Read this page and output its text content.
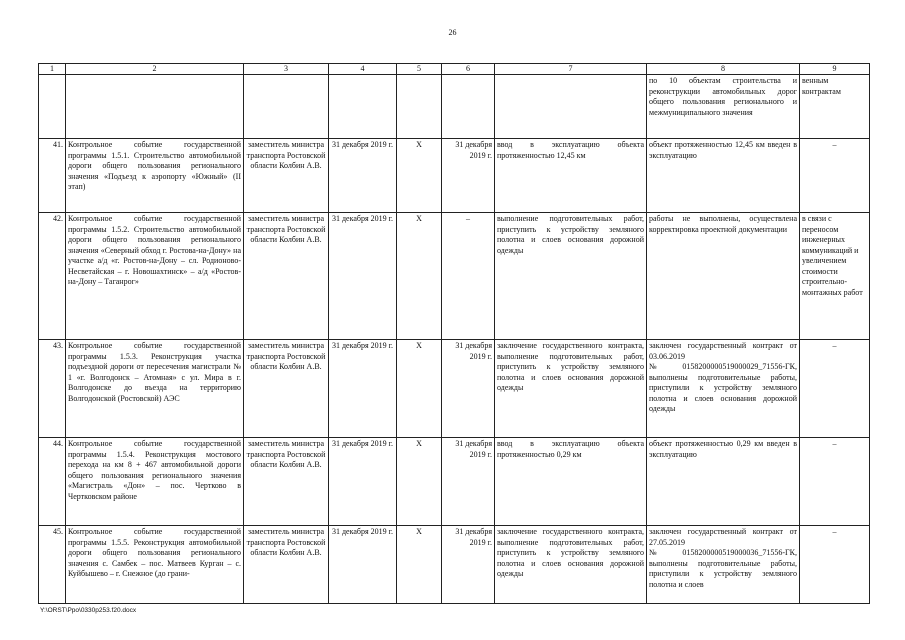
26
1	2	3	4	5	6	7	8	9
							по 10 объектам строительства и реконструкции автомобильных дорог общего пользования регионального и межмуниципального значения	венным контрактам
41.	Контрольное событие государственной программы 1.5.1. Строительство автомобильной дороги общего пользования регионального значения «Подъезд к аэропорту «Южный» (II этап)	заместитель министра транспорта Ростовской области Колбин А.В.	31 декабря 2019 г.	Х	31 декабря 2019 г.	ввод в эксплуатацию объекта протяженностью 12,45 км	объект протяженностью 12,45 км введен в эксплуатацию	–
42.	Контрольное событие государственной программы 1.5.2. Строительство автомобильной дороги общего пользования регионального значения «Северный обход г. Ростова-на-Дону» на участке а/д «г. Ростов-на-Дону – сл. Родионово-Несветайская – г. Новошахтинск» – а/д «Ростов-на-Дону – Таганрог»	заместитель министра транспорта Ростовской области Колбин А.В.	31 декабря 2019 г.	Х	–	выполнение подготовительных работ, приступить к устройству земляного полотна и слоев основания дорожной одежды	работы не выполнены, осуществлена корректировка проектной документации	в связи с переносом инженерных коммуникаций и увеличением стоимости строительно-монтажных работ
43.	Контрольное событие государственной программы 1.5.3. Реконструкция участка подъездной дороги от пересечения магистрали № 1 «г. Волгодонск – Атомная» с ул. Мира в г. Волгодонске до въезда на территорию Волгодонской (Ростовской) АЭС	заместитель министра транспорта Ростовской области Колбин А.В.	31 декабря 2019 г.	Х	31 декабря 2019 г.	заключение государственного контракта, выполнение подготовительных работ, приступить к устройству земляного полотна и слоев основания дорожной одежды	заключен государственный контракт от 03.06.2019 №0158200000519000029_71556-ГК, выполнены подготовительные работы, приступили к устройству земляного полотна и слоев основания дорожной одежды	–
44.	Контрольное событие государственной программы 1.5.4. Реконструкция мостового перехода на км 8 + 467 автомобильной дороги общего пользования регионального значения «Магистраль «Дон» – пос. Чертково в Чертковском районе	заместитель министра транспорта Ростовской области Колбин А.В.	31 декабря 2019 г.	Х	31 декабря 2019 г.	ввод в эксплуатацию объекта протяженностью 0,29 км	объект протяженностью 0,29 км введен в эксплуатацию	–
45.	Контрольное событие государственной программы 1.5.5. Реконструкция автомобильной дороги общего пользования регионального значения с. Самбек – пос. Матвеев Курган – с. Куйбышево – г. Снежное (до грани-	заместитель министра транспорта Ростовской области Колбин А.В.	31 декабря 2019 г.	Х	31 декабря 2019 г.	заключение государственного контракта, выполнение подготовительных работ, приступить к устройству земляного полотна и слоев основания дорожной одежды	заключен государственный контракт от 27.05.2019 №0158200000519000036_71556-ГК, выполнены подготовительные работы, приступили к устройству земляного полотна и слоев	–
Y:\ORST\Ppo\0330p253.f20.docx
